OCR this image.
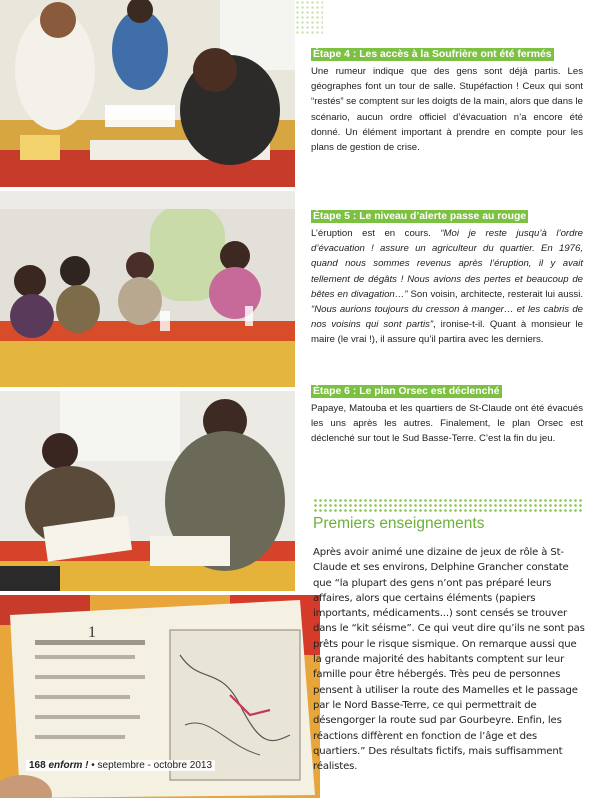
1
Étape 4 : Les accès à la Soufrière ont été fermés

Une rumeur indique que des gens sont déjà partis. Les géographes font un tour de salle. Stupéfaction ! Ceux qui sont “restés” se comptent sur les doigts de la main, alors que dans le scénario, aucun ordre officiel d’évacuation n’a encore été donné. Un élément important à prendre en compte pour les plans de gestion de crise.

Étape 5 : Le niveau d’alerte passe au rouge

L’éruption est en cours. “Moi je reste jusqu’à l’ordre d’évacuation ! assure un agriculteur du quartier. En 1976, quand nous sommes revenus après l’éruption, il y avait tellement de dégâts ! Nous avions des pertes et beaucoup de bêtes en divagation…” Son voisin, architecte, resterait lui aussi. “Nous aurions toujours du cresson à manger… et les cabris de nos voisins qui sont partis”, ironise-t-il. Quant à monsieur le maire (le vrai !), il assure qu’il partira avec les derniers.

Étape 6 : Le plan Orsec est déclenché

Papaye, Matouba et les quartiers de St-Claude ont été évacués les uns après les autres. Finalement, le plan Orsec est déclenché sur tout le Sud Basse-Terre. C’est la fin du jeu.

Premiers enseignements
Après avoir animé une dizaine de jeux de rôle à St-Claude et ses environs, Delphine Grancher constate que “la plupart des gens n’ont pas préparé leurs affaires, alors que certains éléments (papiers importants, médicaments...) sont censés se trouver dans le “kit séisme”. Ce qui veut dire qu’ils ne sont pas prêts pour le risque sismique. On remarque aussi que la grande majorité des habitants comptent sur leur famille pour être hébergés. Très peu de personnes pensent à utiliser la route des Mamelles et le passage par le Nord Basse-Terre, ce qui permettrait de désengorger la route sud par Gourbeyre. Enfin, les réactions diffèrent en fonction de l’âge et des quartiers.” Des résultats fictifs, mais suffisamment réalistes.
168 enform ! • septembre - octobre 2013
